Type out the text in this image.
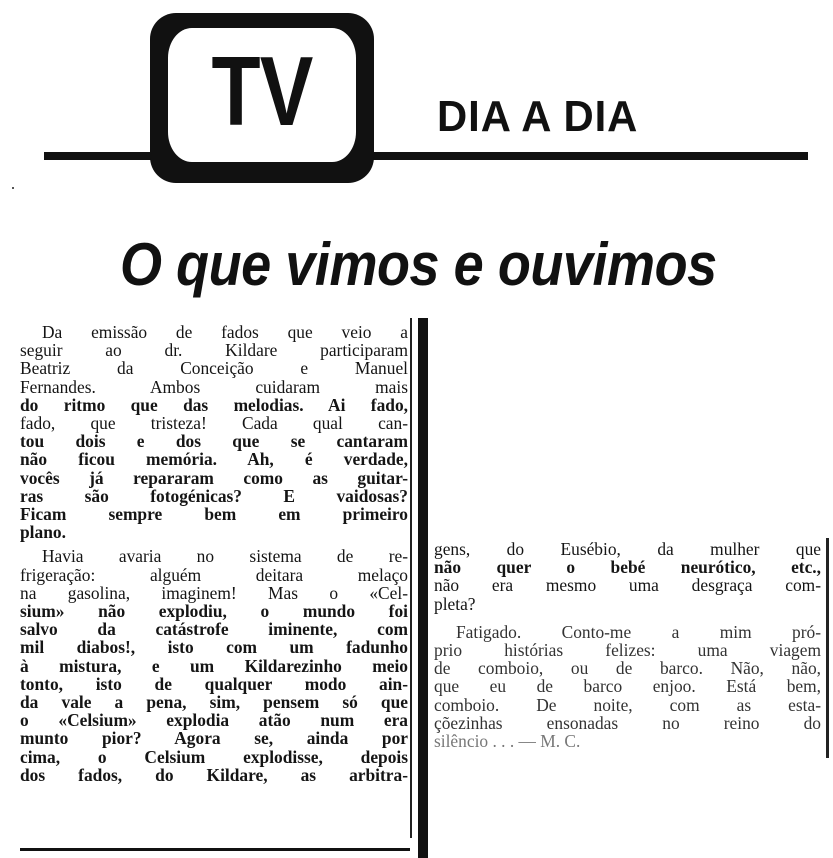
TV	DIA A DIA
O que vimos e ouvimos

Da emissão de fados que veio a

seguir ao dr. Kildare participaram

Beatriz da Conceição e Manuel

Fernandes. Ambos cuidaram mais

do ritmo que das melodias. Ai fado,

fado, que tristeza! Cada qual can-

tou dois e dos que se cantaram

não ficou memória. Ah, é verdade,

vocês já repararam como as guitar-

ras são fotogénicas? E vaidosas?

Ficam sempre bem em primeiro

plano.

Havia avaria no sistema de re-

frigeração: alguém deitara melaço

na gasolina, imaginem! Mas o «Cel-

sium» não explodiu, o mundo foi

salvo da catástrofe iminente, com

mil diabos!, isto com um fadunho

à mistura, e um Kildarezinho meio

tonto, isto de qualquer modo ain-

da vale a pena, sim, pensem só que

o «Celsium» explodia atão num era

munto pior? Agora se, ainda por

cima, o Celsium explodisse, depois

dos fados, do Kildare, as arbitra-

gens, do Eusébio, da mulher que

não quer o bebé neurótico, etc.,

não era mesmo uma desgraça com-

pleta?

Fatigado. Conto-me a mim pró-

prio histórias felizes: uma viagem

de comboio, ou de barco. Não, não,

que eu de barco enjoo. Está bem,

comboio. De noite, com as esta-

çõezinhas ensonadas no reino do

silêncio . . . — M. C.
